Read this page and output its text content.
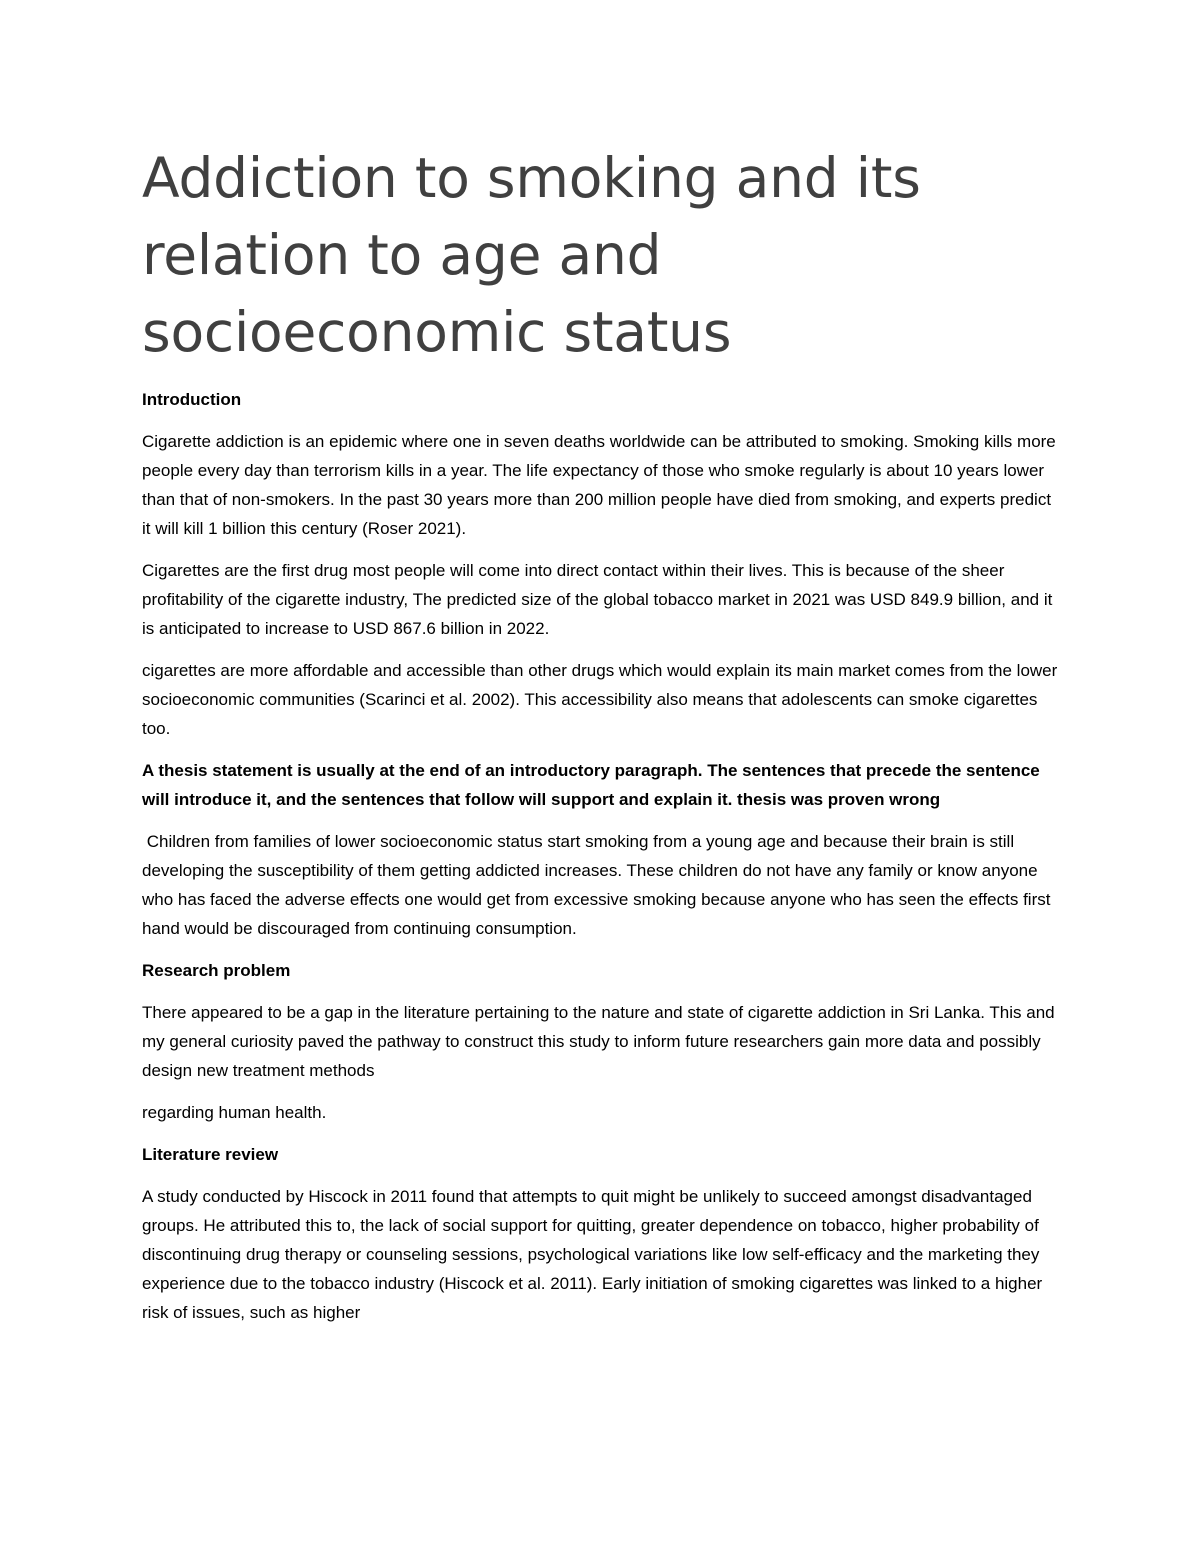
Addiction to smoking and its relation to age and socioeconomic status
Introduction

Cigarette addiction is an epidemic where one in seven deaths worldwide can be attributed to smoking. Smoking kills more people every day than terrorism kills in a year. The life expectancy of those who smoke regularly is about 10 years lower than that of non-smokers. In the past 30 years more than 200 million people have died from smoking, and experts predict it will kill 1 billion this century (Roser 2021).

Cigarettes are the first drug most people will come into direct contact within their lives. This is because of the sheer profitability of the cigarette industry, The predicted size of the global tobacco market in 2021 was USD 849.9 billion, and it is anticipated to increase to USD 867.6 billion in 2022.

cigarettes are more affordable and accessible than other drugs which would explain its main market comes from the lower socioeconomic communities (Scarinci et al. 2002). This accessibility also means that adolescents can smoke cigarettes too.

A thesis statement is usually at the end of an introductory paragraph. The sentences that precede the sentence will introduce it, and the sentences that follow will support and explain it. thesis was proven wrong

Children from families of lower socioeconomic status start smoking from a young age and because their brain is still developing the susceptibility of them getting addicted increases. These children do not have any family or know anyone who has faced the adverse effects one would get from excessive smoking because anyone who has seen the effects first hand would be discouraged from continuing consumption.

Research problem

There appeared to be a gap in the literature pertaining to the nature and state of cigarette addiction in Sri Lanka. This and my general curiosity paved the pathway to construct this study to inform future researchers gain more data and possibly design new treatment methods

regarding human health.

Literature review

A study conducted by Hiscock in 2011 found that attempts to quit might be unlikely to succeed amongst disadvantaged groups. He attributed this to, the lack of social support for quitting, greater dependence on tobacco, higher probability of discontinuing drug therapy or counseling sessions, psychological variations like low self-efficacy and the marketing they experience due to the tobacco industry (Hiscock et al. 2011). Early initiation of smoking cigarettes was linked to a higher risk of issues, such as higher
